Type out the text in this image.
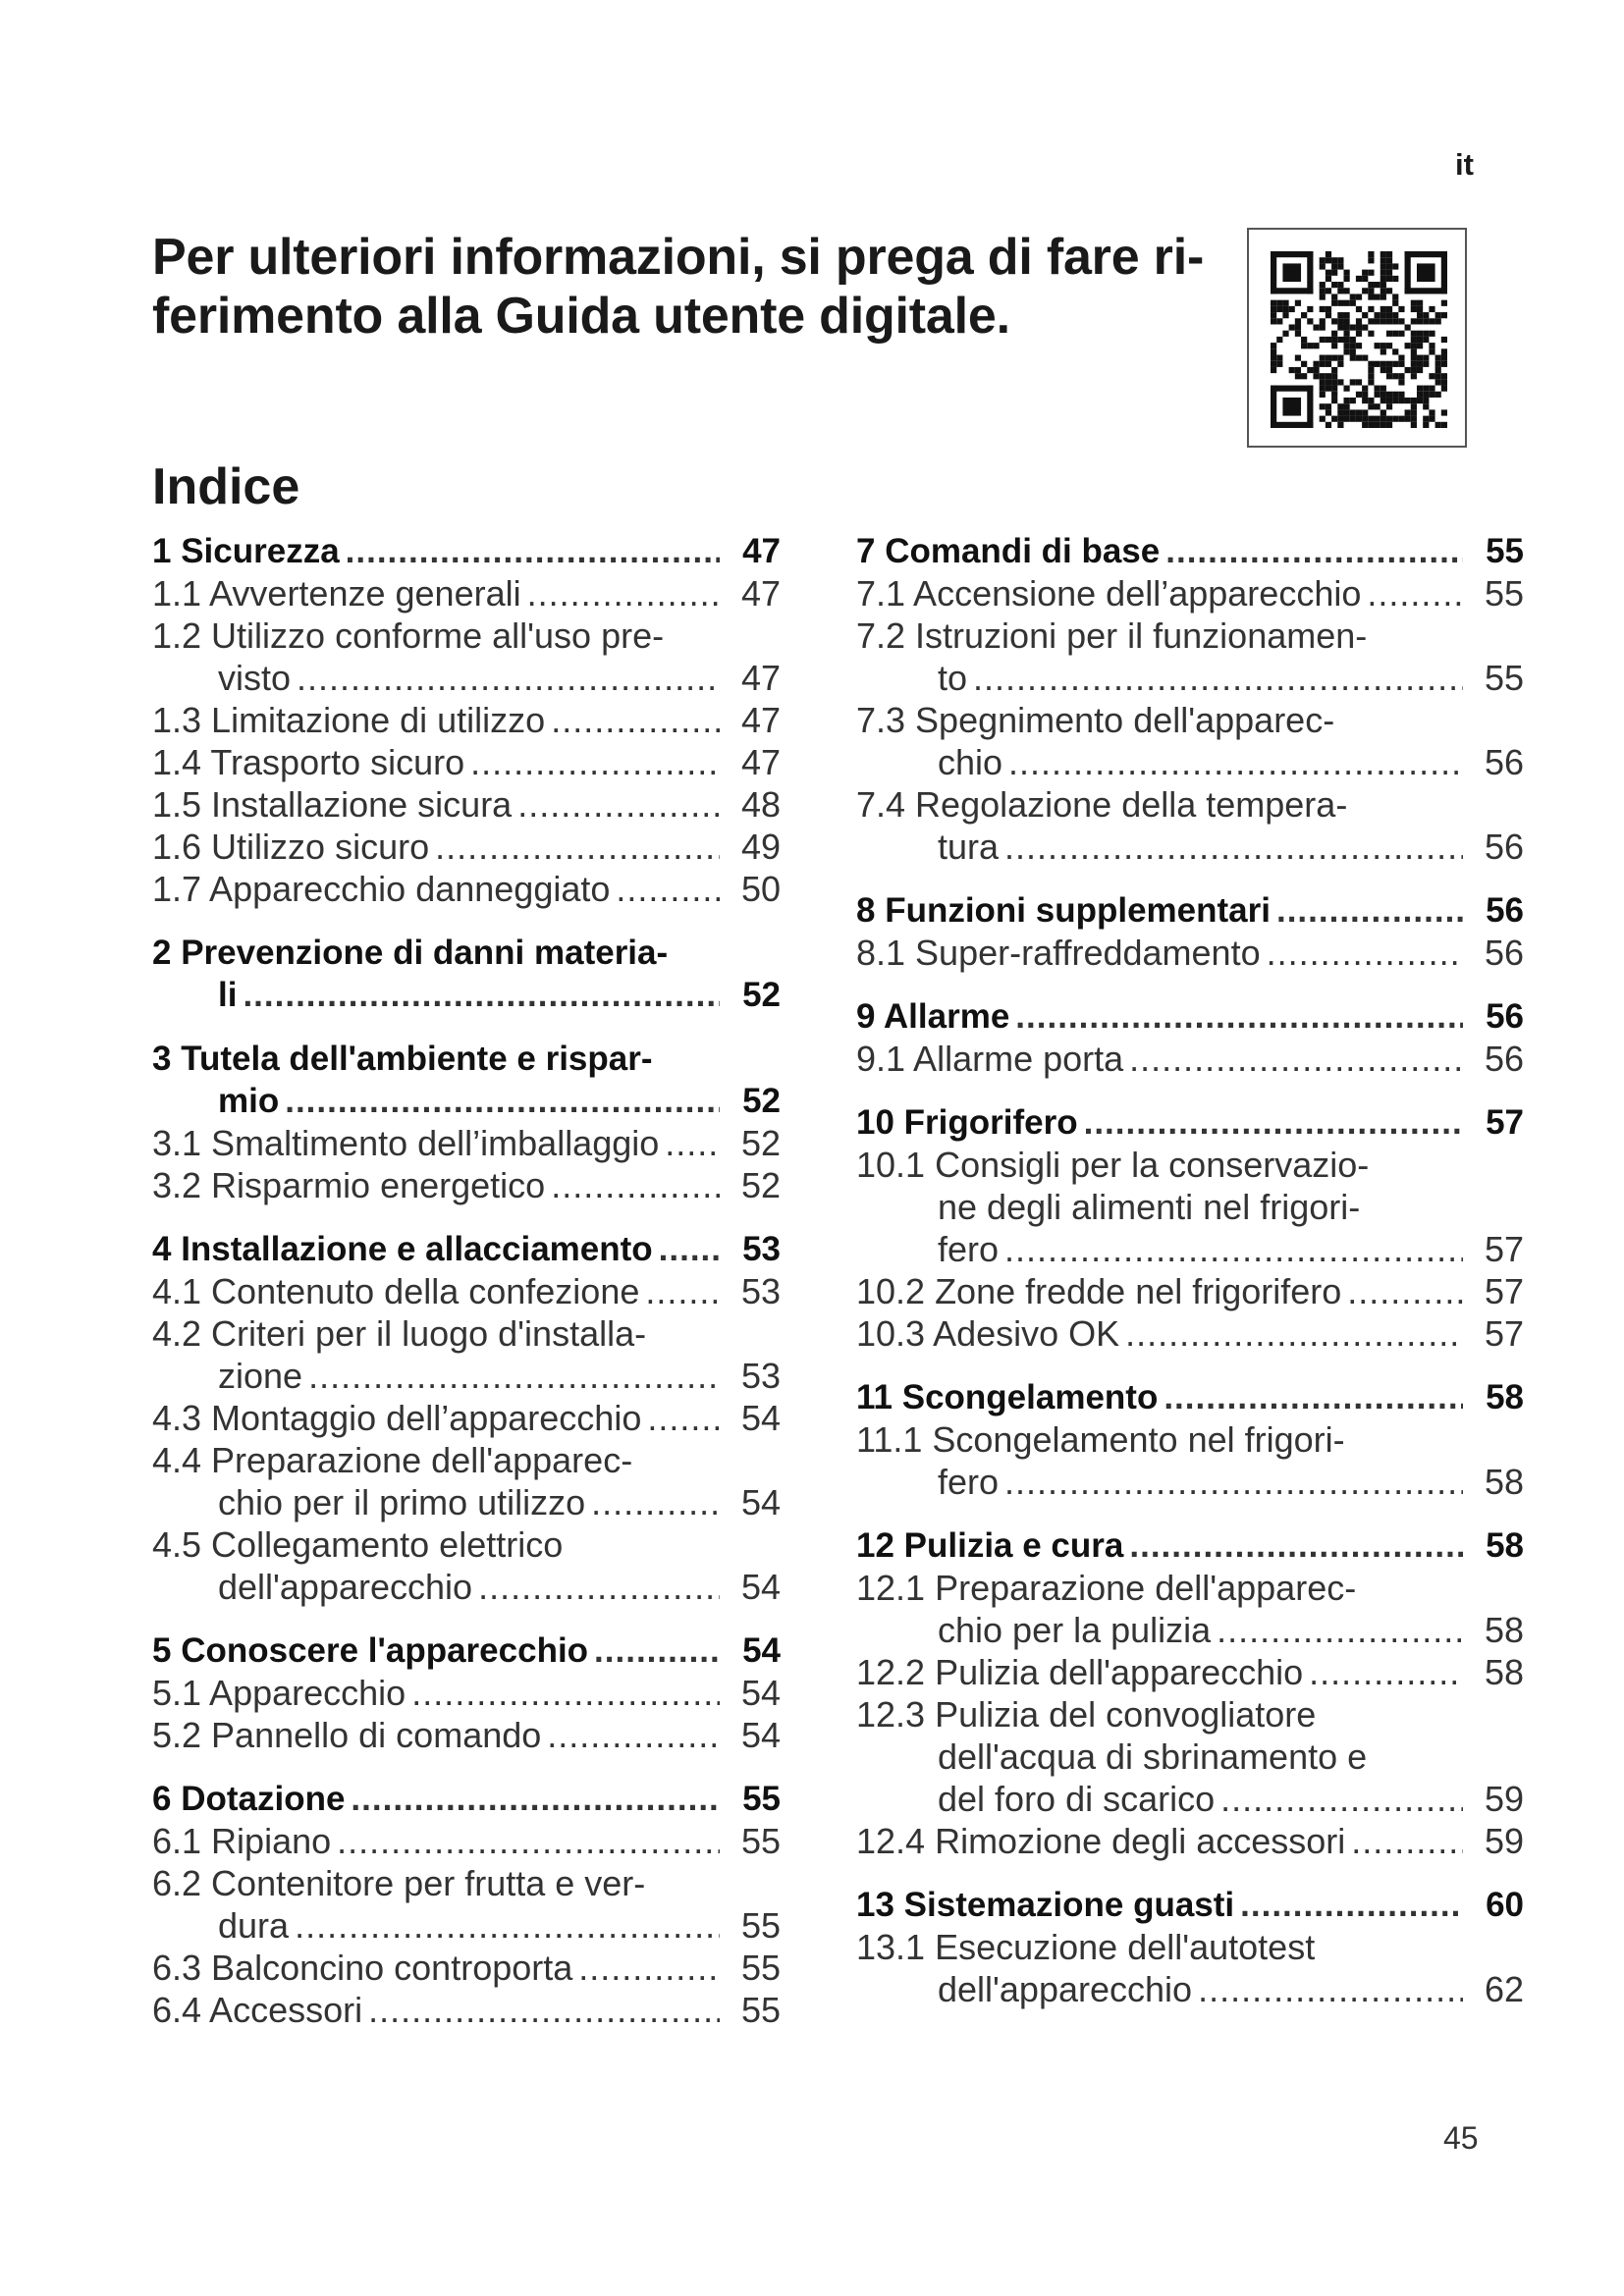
it
Per ulteriori informazioni, si prega di fare ri-
ferimento alla Guida utente digitale.
Indice
1 Sicurezza .....	47
1.1 Avvertenze generali .....	47
1.2 Utilizzo conforme all'uso pre-
visto .....	47
1.3 Limitazione di utilizzo .....	47
1.4 Trasporto sicuro .....	47
1.5 Installazione sicura .....	48
1.6 Utilizzo sicuro .....	49
1.7 Apparecchio danneggiato .....	50
2 Prevenzione di danni materia-
li .....	52
3 Tutela dell'ambiente e rispar-
mio .....	52
3.1 Smaltimento dell’imballaggio ..... 52
3.2 Risparmio energetico .....	52
4 Installazione e allacciamento .....	53
4.1 Contenuto della confezione .....	53
4.2 Criteri per il luogo d'installa-
zione .....	53
4.3 Montaggio dell’apparecchio .....	54
4.4 Preparazione dell'apparec-
chio per il primo utilizzo .....	54
4.5 Collegamento elettrico
dell'apparecchio .....	54
5 Conoscere l'apparecchio .....	54
5.1 Apparecchio .....	54
5.2 Pannello di comando .....	54
6 Dotazione .....	55
6.1 Ripiano .....	55
6.2 Contenitore per frutta e ver-
dura .....	55
6.3 Balconcino controporta .....	55
6.4 Accessori .....	55
7 Comandi di base .....	55
7.1 Accensione dell’apparecchio .....	55
7.2 Istruzioni per il funzionamen-
to .....	55
7.3 Spegnimento dell'apparec-
chio .....	56
7.4 Regolazione della tempera-
tura .....	56
8 Funzioni supplementari .....	56
8.1 Super-raffreddamento .....	56
9 Allarme .....	56
9.1 Allarme porta .....	56
10 Frigorifero .....	57
10.1 Consigli per la conservazio-
ne degli alimenti nel frigori-
fero .....	57
10.2 Zone fredde nel frigorifero .....	57
10.3 Adesivo OK .....	57
11 Scongelamento .....	58
11.1 Scongelamento nel frigori-
fero .....	58
12 Pulizia e cura .....	58
12.1 Preparazione dell'apparec-
chio per la pulizia .....	58
12.2 Pulizia dell'apparecchio .....	58
12.3 Pulizia del convogliatore
dell'acqua di sbrinamento e
del foro di scarico .....	59
12.4 Rimozione degli accessori .....	59
13 Sistemazione guasti .....	60
13.1 Esecuzione dell'autotest
dell'apparecchio .....	62
45
